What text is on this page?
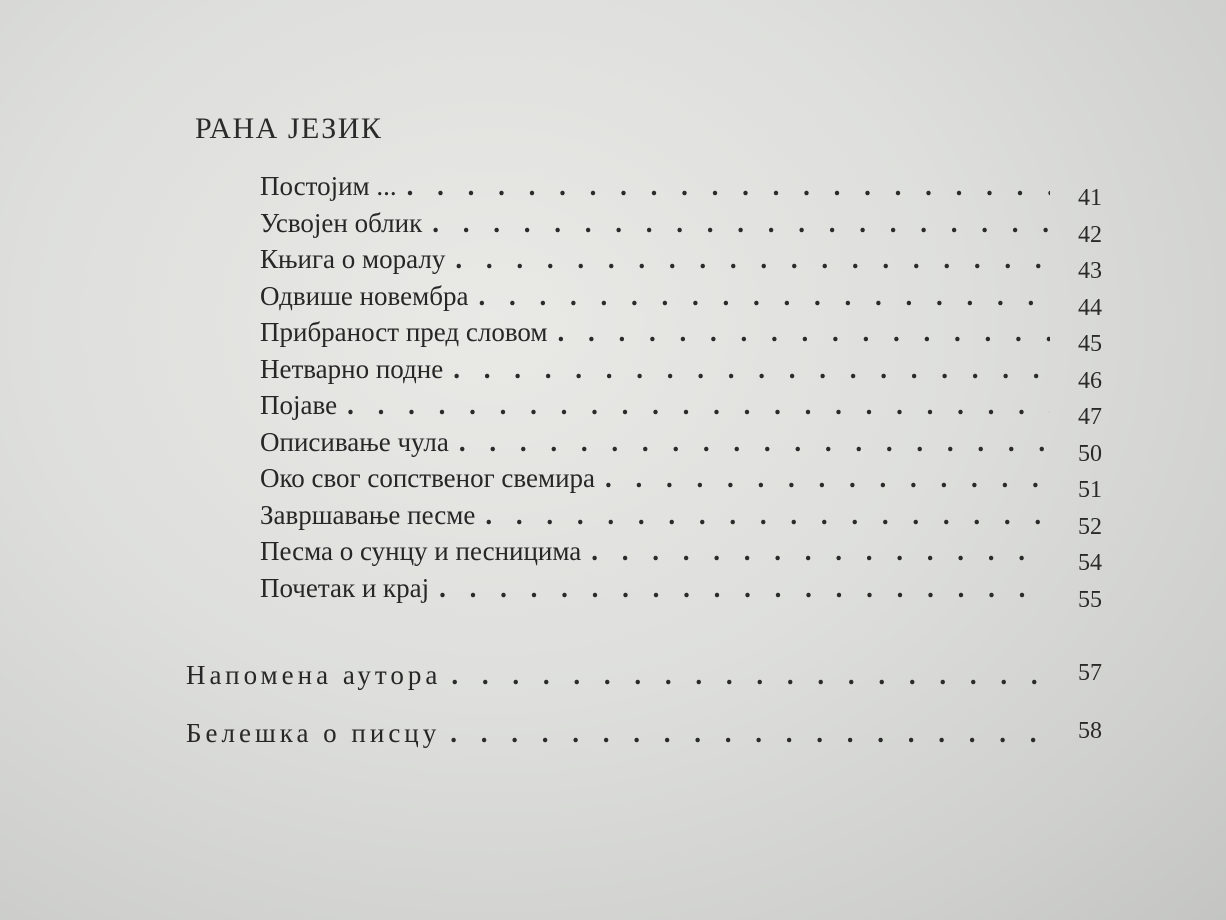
РАНА ЈЕЗИК
Постојим ... . . .	41
Усвојен облик . . .	42
Књига о моралу . . .	43
Одвише новембра . . .	44
Прибраност пред словом . . .	45
Нетварно подне . . .	46
Појаве . . .	47
Описивање чула . . .	50
Око свог сопственог свемира . . .	51
Завршавање песме . . .	52
Песма о сунцу и песницима . . .	54
Почетак и крај . . .	55
Напомена аутора . . .	57
Белешка о писцу . . .	58
